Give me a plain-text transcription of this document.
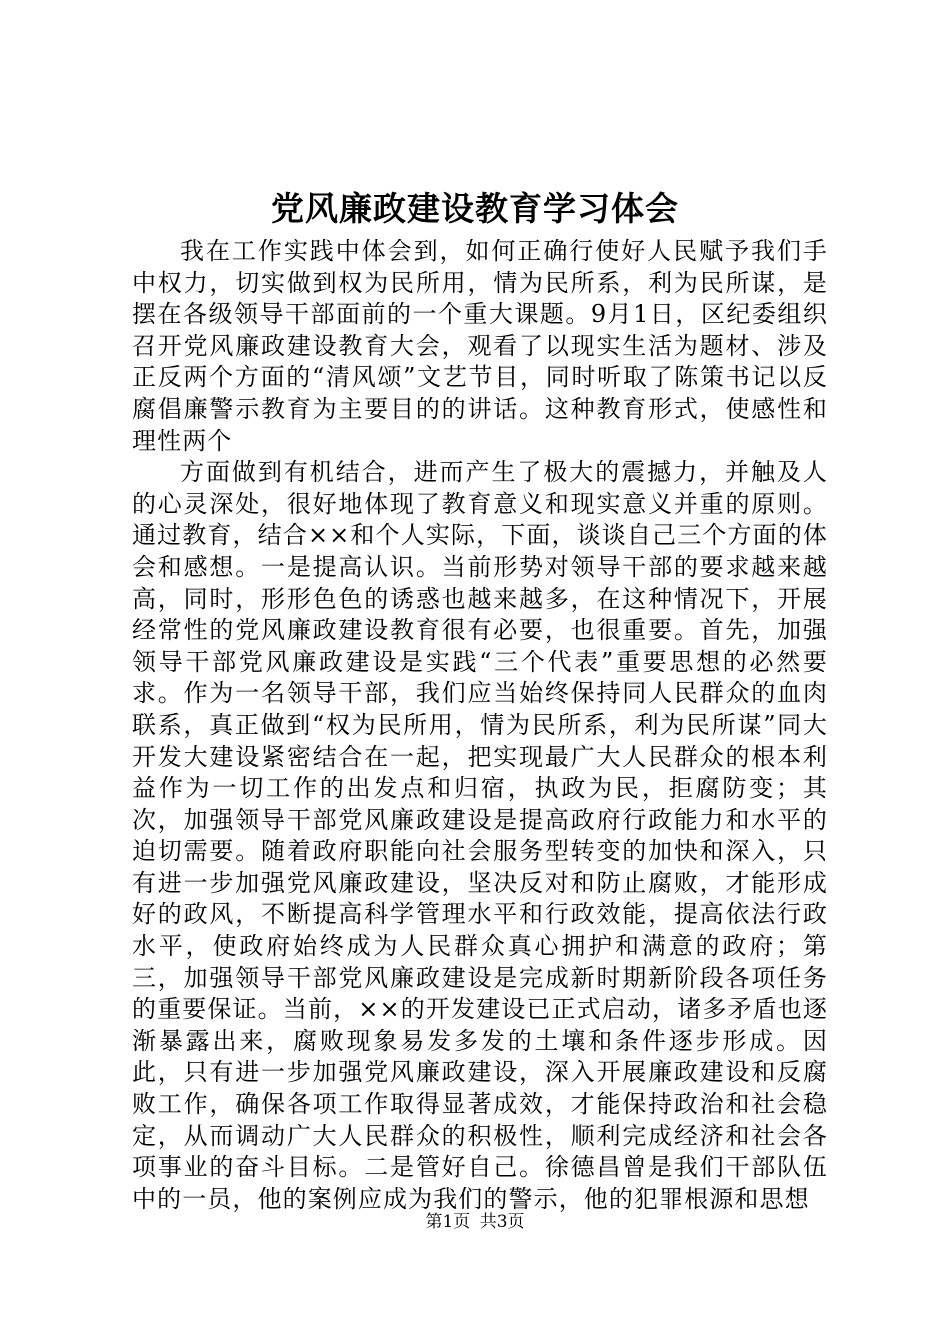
党风廉政建设教育学习体会

我在工作实践中体会到，如何正确行使好人民赋予我们手中权力，切实做到权为民所用，情为民所系，利为民所谋，是摆在各级领导干部面前的一个重大课题。9月1日，区纪委组织召开党风廉政建设教育大会，观看了以现实生活为题材、涉及正反两个方面的“清风颂”文艺节目，同时听取了陈策书记以反腐倡廉警示教育为主要目的的讲话。这种教育形式，使感性和理性两个

方面做到有机结合，进而产生了极大的震撼力，并触及人的心灵深处，很好地体现了教育意义和现实意义并重的原则。通过教育，结合××和个人实际，下面，谈谈自己三个方面的体会和感想。一是提高认识。当前形势对领导干部的要求越来越高，同时，形形色色的诱惑也越来越多，在这种情况下，开展经常性的党风廉政建设教育很有必要，也很重要。首先，加强领导干部党风廉政建设是实践“三个代表”重要思想的必然要求。作为一名领导干部，我们应当始终保持同人民群众的血肉联系，真正做到“权为民所用，情为民所系，利为民所谋”同大开发大建设紧密结合在一起，把实现最广大人民群众的根本利益作为一切工作的出发点和归宿，执政为民，拒腐防变；其次，加强领导干部党风廉政建设是提高政府行政能力和水平的迫切需要。随着政府职能向社会服务型转变的加快和深入，只有进一步加强党风廉政建设，坚决反对和防止腐败，才能形成好的政风，不断提高科学管理水平和行政效能，提高依法行政水平，使政府始终成为人民群众真心拥护和满意的政府；第三，加强领导干部党风廉政建设是完成新时期新阶段各项任务的重要保证。当前，××的开发建设已正式启动，诸多矛盾也逐渐暴露出来，腐败现象易发多发的土壤和条件逐步形成。因此，只有进一步加强党风廉政建设，深入开展廉政建设和反腐败工作，确保各项工作取得显著成效，才能保持政治和社会稳定，从而调动广大人民群众的积极性，顺利完成经济和社会各项事业的奋斗目标。二是管好自己。徐德昌曾是我们干部队伍中的一员，他的案例应成为我们的警示，他的犯罪根源和思想

第1页 共3页
